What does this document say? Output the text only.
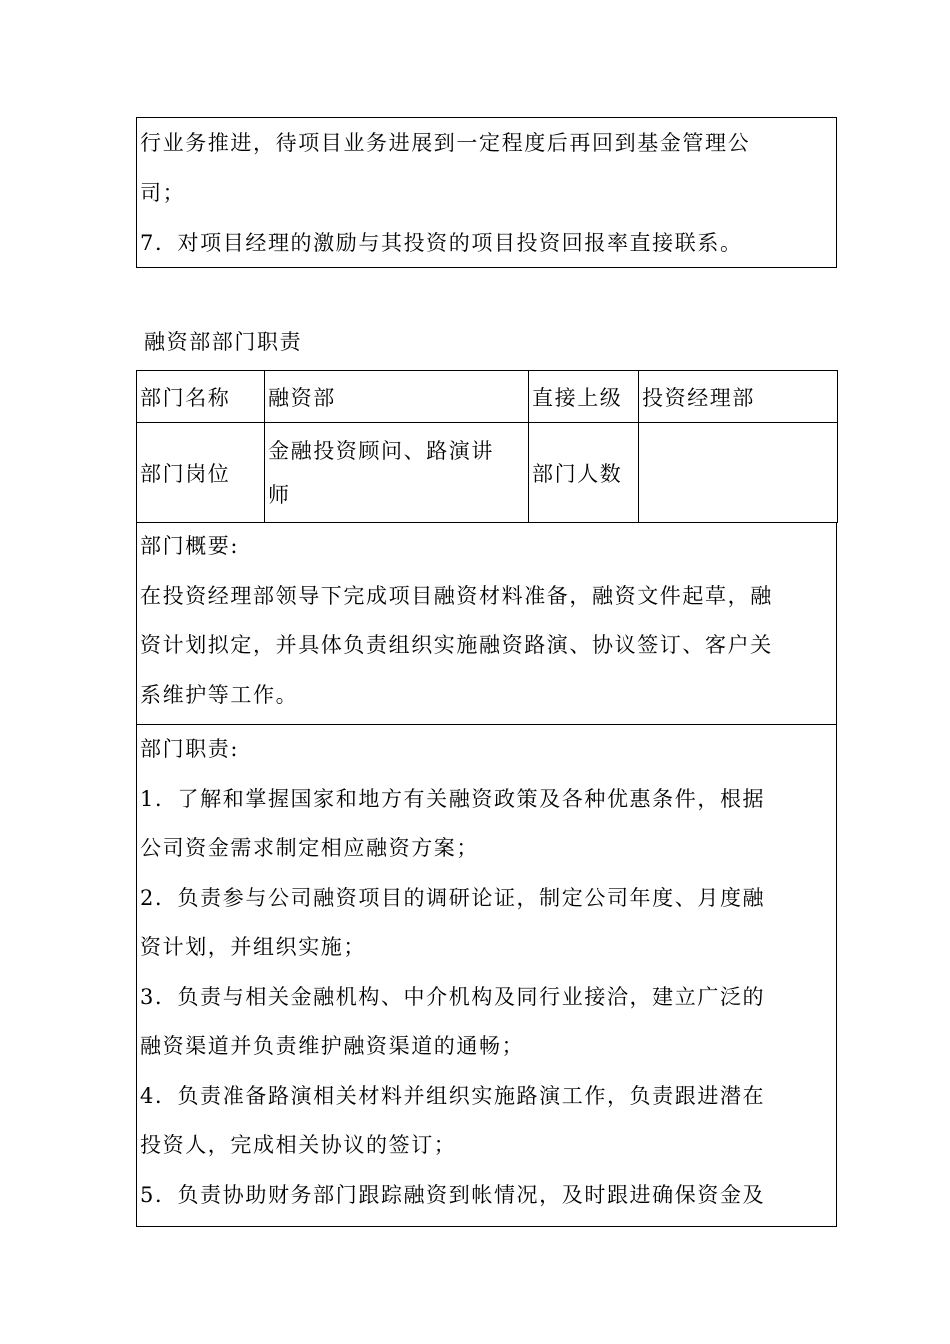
行业务推进，待项目业务进展到一定程度后再回到基金管理公
司；
7．对项目经理的激励与其投资的项目投资回报率直接联系。
融资部部门职责
部门名称	融资部	直接上级	投资经理部
部门岗位	金融投资顾问、路演讲
师	部门人数	
部门概要:
在投资经理部领导下完成项目融资材料准备，融资文件起草，融
资计划拟定，并具体负责组织实施融资路演、协议签订、客户关
系维护等工作。
部门职责:
1．了解和掌握国家和地方有关融资政策及各种优惠条件，根据
公司资金需求制定相应融资方案；
2．负责参与公司融资项目的调研论证，制定公司年度、月度融
资计划，并组织实施；
3．负责与相关金融机构、中介机构及同行业接洽，建立广泛的
融资渠道并负责维护融资渠道的通畅；
4．负责准备路演相关材料并组织实施路演工作，负责跟进潜在
投资人，完成相关协议的签订；
5．负责协助财务部门跟踪融资到帐情况，及时跟进确保资金及
